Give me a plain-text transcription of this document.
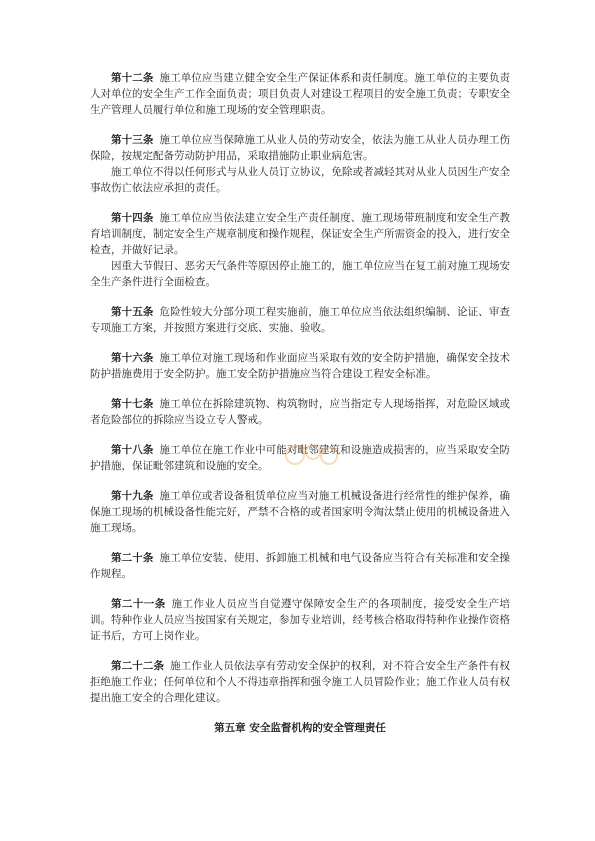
第十二条 施工单位应当建立健全安全生产保证体系和责任制度。施工单位的主要负责人对单位的安全生产工作全面负责；项目负责人对建设工程项目的安全施工负责；专职安全生产管理人员履行单位和施工现场的安全管理职责。

第十三条 施工单位应当保障施工从业人员的劳动安全，依法为施工从业人员办理工伤保险，按规定配备劳动防护用品，采取措施防止职业病危害。

施工单位不得以任何形式与从业人员订立协议，免除或者减轻其对从业人员因生产安全事故伤亡依法应承担的责任。

第十四条 施工单位应当依法建立安全生产责任制度、施工现场带班制度和安全生产教育培训制度，制定安全生产规章制度和操作规程，保证安全生产所需资金的投入，进行安全检查，并做好记录。

因重大节假日、恶劣天气条件等原因停止施工的，施工单位应当在复工前对施工现场安全生产条件进行全面检查。

第十五条 危险性较大分部分项工程实施前，施工单位应当依法组织编制、论证、审查专项施工方案，并按照方案进行交底、实施、验收。

第十六条 施工单位对施工现场和作业面应当采取有效的安全防护措施，确保安全技术防护措施费用于安全防护。施工安全防护措施应当符合建设工程安全标准。

第十七条 施工单位在拆除建筑物、构筑物时，应当指定专人现场指挥，对危险区域或者危险部位的拆除应当设立专人警戒。

第十八条 施工单位在施工作业中可能对毗邻建筑和设施造成损害的，应当采取安全防护措施，保证毗邻建筑和设施的安全。

第十九条 施工单位或者设备租赁单位应当对施工机械设备进行经常性的维护保养，确保施工现场的机械设备性能完好，严禁不合格的或者国家明令淘汰禁止使用的机械设备进入施工现场。

第二十条 施工单位安装、使用、拆卸施工机械和电气设备应当符合有关标准和安全操作规程。

第二十一条 施工作业人员应当自觉遵守保障安全生产的各项制度，接受安全生产培训。特种作业人员应当按国家有关规定，参加专业培训，经考核合格取得特种作业操作资格证书后，方可上岗作业。

第二十二条 施工作业人员依法享有劳动安全保护的权利，对不符合安全生产条件有权拒绝施工作业；任何单位和个人不得违章指挥和强令施工人员冒险作业；施工作业人员有权提出施工安全的合理化建议。

第五章 安全监督机构的安全管理责任
